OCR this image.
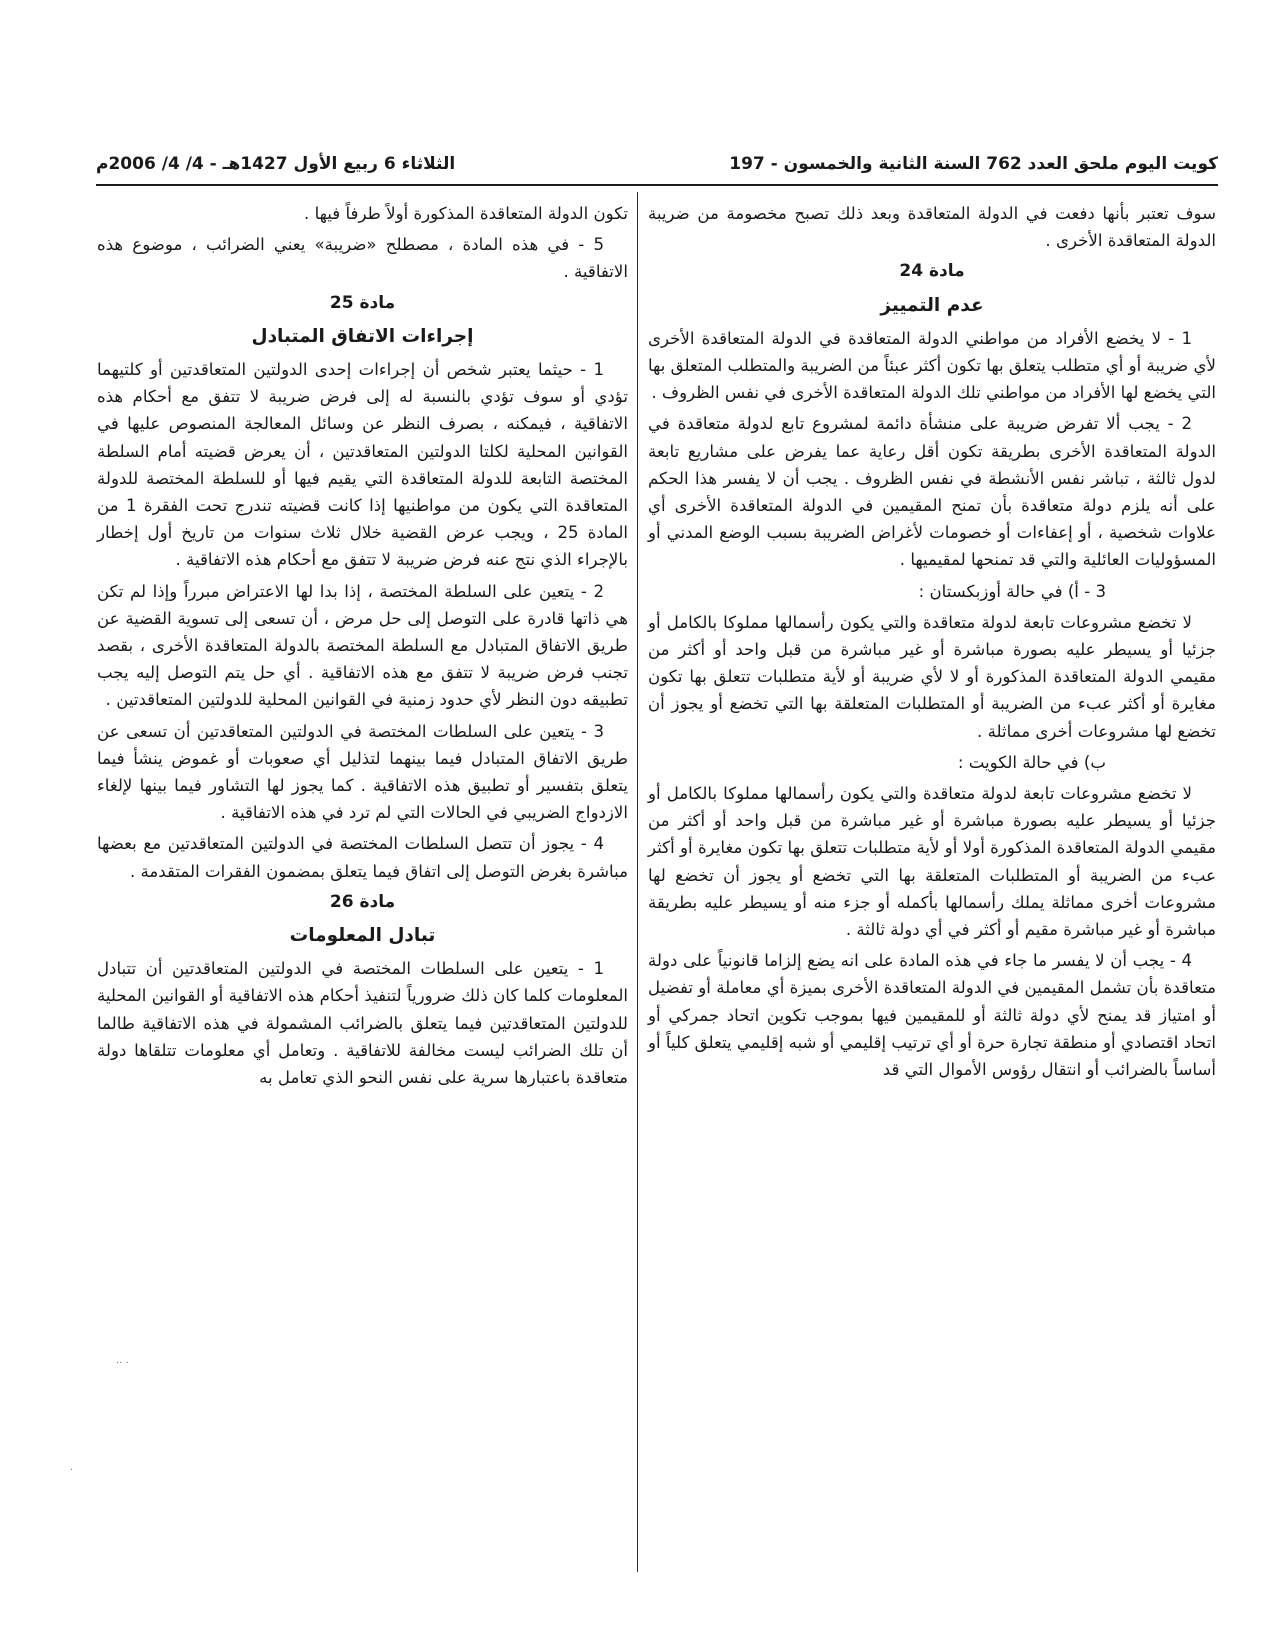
كويت اليوم ملحق العدد 762 السنة الثانية والخمسون - 197
الثلاثاء 6 ربيع الأول 1427هـ - 4/ 4/ 2006م

سوف تعتبر بأنها دفعت في الدولة المتعاقدة وبعد ذلك تصبح مخصومة من ضريبة الدولة المتعاقدة الأخرى .

مادة 24
عدم التمييز

1 - لا يخضع الأفراد من مواطني الدولة المتعاقدة في الدولة المتعاقدة الأخرى لأي ضريبة أو أي متطلب يتعلق بها تكون أكثر عبئاً من الضريبة والمتطلب المتعلق بها التي يخضع لها الأفراد من مواطني تلك الدولة المتعاقدة الأخرى في نفس الظروف .

2 - يجب ألا تفرض ضريبة على منشأة دائمة لمشروع تابع لدولة متعاقدة في الدولة المتعاقدة الأخرى بطريقة تكون أقل رعاية عما يفرض على مشاريع تابعة لدول ثالثة ، تباشر نفس الأنشطة في نفس الظروف . يجب أن لا يفسر هذا الحكم على أنه يلزم دولة متعاقدة بأن تمنح المقيمين في الدولة المتعاقدة الأخرى أي علاوات شخصية ، أو إعفاءات أو خصومات لأغراض الضريبة بسبب الوضع المدني أو المسؤوليات العائلية والتي قد تمنحها لمقيميها .

3 - أ) في حالة أوزبكستان :

لا تخضع مشروعات تابعة لدولة متعاقدة والتي يكون رأسمالها مملوكا بالكامل أو جزئيا أو يسيطر عليه بصورة مباشرة أو غير مباشرة من قبل واحد أو أكثر من مقيمي الدولة المتعاقدة المذكورة أو لا لأي ضريبة أو لأية متطلبات تتعلق بها تكون مغايرة أو أكثر عبء من الضريبة أو المتطلبات المتعلقة بها التي تخضع أو يجوز أن تخضع لها مشروعات أخرى مماثلة .

ب) في حالة الكويت :

لا تخضع مشروعات تابعة لدولة متعاقدة والتي يكون رأسمالها مملوكا بالكامل أو جزئيا أو يسيطر عليه بصورة مباشرة أو غير مباشرة من قبل واحد أو أكثر من مقيمي الدولة المتعاقدة المذكورة أولا أو لأية متطلبات تتعلق بها تكون مغايرة أو أكثر عبء من الضريبة أو المتطلبات المتعلقة بها التي تخضع أو يجوز أن تخضع لها مشروعات أخرى مماثلة يملك رأسمالها بأكمله أو جزء منه أو يسيطر عليه بطريقة مباشرة أو غير مباشرة مقيم أو أكثر في أي دولة ثالثة .

4 - يجب أن لا يفسر ما جاء في هذه المادة على انه يضع إلزاما قانونياً على دولة متعاقدة بأن تشمل المقيمين في الدولة المتعاقدة الأخرى بميزة أي معاملة أو تفضيل أو امتياز قد يمنح لأي دولة ثالثة أو للمقيمين فيها بموجب تكوين اتحاد جمركي أو اتحاد اقتصادي أو منطقة تجارة حرة أو أي ترتيب إقليمي أو شبه إقليمي يتعلق كلياً أو أساساً بالضرائب أو انتقال رؤوس الأموال التي قد

تكون الدولة المتعاقدة المذكورة أولاً طرفاً فيها .

5 - في هذه المادة ، مصطلح «ضريبة» يعني الضرائب ، موضوع هذه الاتفاقية .

مادة 25
إجراءات الاتفاق المتبادل

1 - حيثما يعتبر شخص أن إجراءات إحدى الدولتين المتعاقدتين أو كلتيهما تؤدي أو سوف تؤدي بالنسبة له إلى فرض ضريبة لا تتفق مع أحكام هذه الاتفاقية ، فيمكنه ، بصرف النظر عن وسائل المعالجة المنصوص عليها في القوانين المحلية لكلتا الدولتين المتعاقدتين ، أن يعرض قضيته أمام السلطة المختصة التابعة للدولة المتعاقدة التي يقيم فيها أو للسلطة المختصة للدولة المتعاقدة التي يكون من مواطنيها إذا كانت قضيته تندرج تحت الفقرة 1 من المادة 25 ، ويجب عرض القضية خلال ثلاث سنوات من تاريخ أول إخطار بالإجراء الذي نتج عنه فرض ضريبة لا تتفق مع أحكام هذه الاتفاقية .

2 - يتعين على السلطة المختصة ، إذا بدا لها الاعتراض مبرراً وإذا لم تكن هي ذاتها قادرة على التوصل إلى حل مرض ، أن تسعى إلى تسوية القضية عن طريق الاتفاق المتبادل مع السلطة المختصة بالدولة المتعاقدة الأخرى ، بقصد تجنب فرض ضريبة لا تتفق مع هذه الاتفاقية . أي حل يتم التوصل إليه يجب تطبيقه دون النظر لأي حدود زمنية في القوانين المحلية للدولتين المتعاقدتين .

3 - يتعين على السلطات المختصة في الدولتين المتعاقدتين أن تسعى عن طريق الاتفاق المتبادل فيما بينهما لتذليل أي صعوبات أو غموض ينشأ فيما يتعلق بتفسير أو تطبيق هذه الاتفاقية . كما يجوز لها التشاور فيما بينها لإلغاء الازدواج الضريبي في الحالات التي لم ترد في هذه الاتفاقية .

4 - يجوز أن تتصل السلطات المختصة في الدولتين المتعاقدتين مع بعضها مباشرة بغرض التوصل إلى اتفاق فيما يتعلق بمضمون الفقرات المتقدمة .

مادة 26
تبادل المعلومات

1 - يتعين على السلطات المختصة في الدولتين المتعاقدتين أن تتبادل المعلومات كلما كان ذلك ضرورياً لتنفيذ أحكام هذه الاتفاقية أو القوانين المحلية للدولتين المتعاقدتين فيما يتعلق بالضرائب المشمولة في هذه الاتفاقية طالما أن تلك الضرائب ليست مخالفة للاتفاقية . وتعامل أي معلومات تتلقاها دولة متعاقدة باعتبارها سرية على نفس النحو الذي تعامل به

·· ·
·
